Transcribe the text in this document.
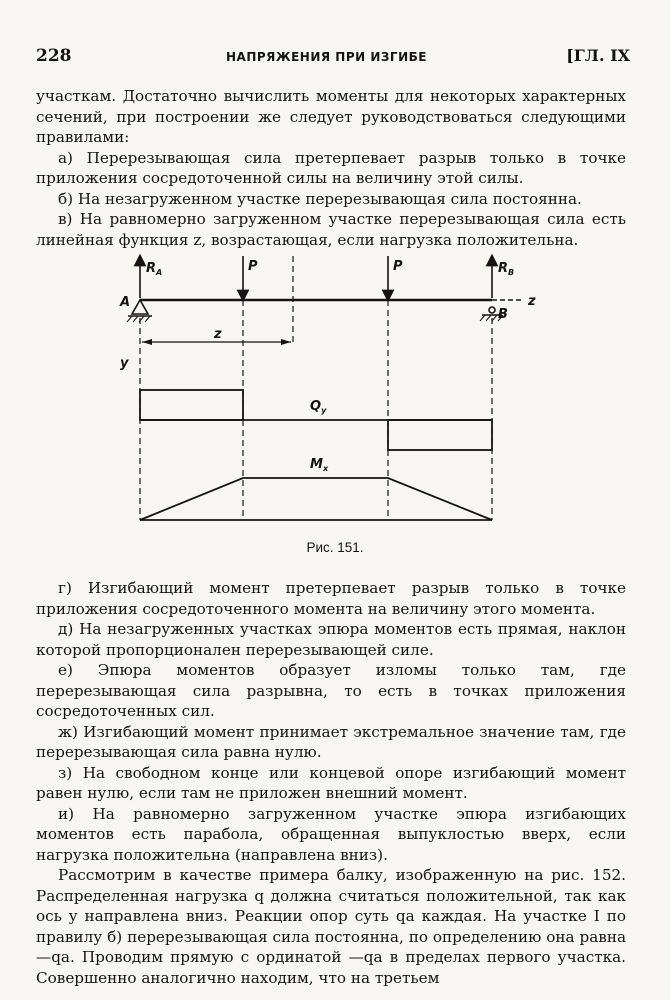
228	НАПРЯЖЕНИЯ ПРИ ИЗГИБЕ	[ГЛ. IX

участкам. Достаточно вычислить моменты для некоторых характерных сечений, при построении же следует руководствоваться следующими правилами:

а) Перерезывающая сила претерпевает разрыв только в точке приложения сосредоточенной силы на величину этой силы.

б) На незагруженном участке перерезывающая сила постоянна.

в) На равномерно загруженном участке перерезывающая сила есть линейная функция z, возрастающая, если нагрузка положительна.

$R_A$	$R_B$
P	P
A
B
z
z
y
$Q_y$
$M_x$
Рис. 151.

г) Изгибающий момент претерпевает разрыв только в точке приложения сосредоточенного момента на величину этого момента.

д) На незагруженных участках эпюра моментов есть прямая, наклон которой пропорционален перерезывающей силе.

е) Эпюра моментов образует изломы только там, где перерезывающая сила разрывна, то есть в точках приложения сосредоточенных сил.

ж) Изгибающий момент принимает экстремальное значение там, где перерезывающая сила равна нулю.

з) На свободном конце или концевой опоре изгибающий момент равен нулю, если там не приложен внешний момент.

и) На равномерно загруженном участке эпюра изгибающих моментов есть парабола, обращенная выпуклостью вверх, если нагрузка положительна (направлена вниз).

Рассмотрим в качестве примера балку, изображенную на рис. 152. Распределенная нагрузка q должна считаться положительной, так как ось y направлена вниз. Реакции опор суть qa каждая. На участке I по правилу б) перерезывающая сила постоянна, по определению она равна —qa. Проводим прямую с ординатой —qa в пределах первого участка. Совершенно аналогично находим, что на третьем
